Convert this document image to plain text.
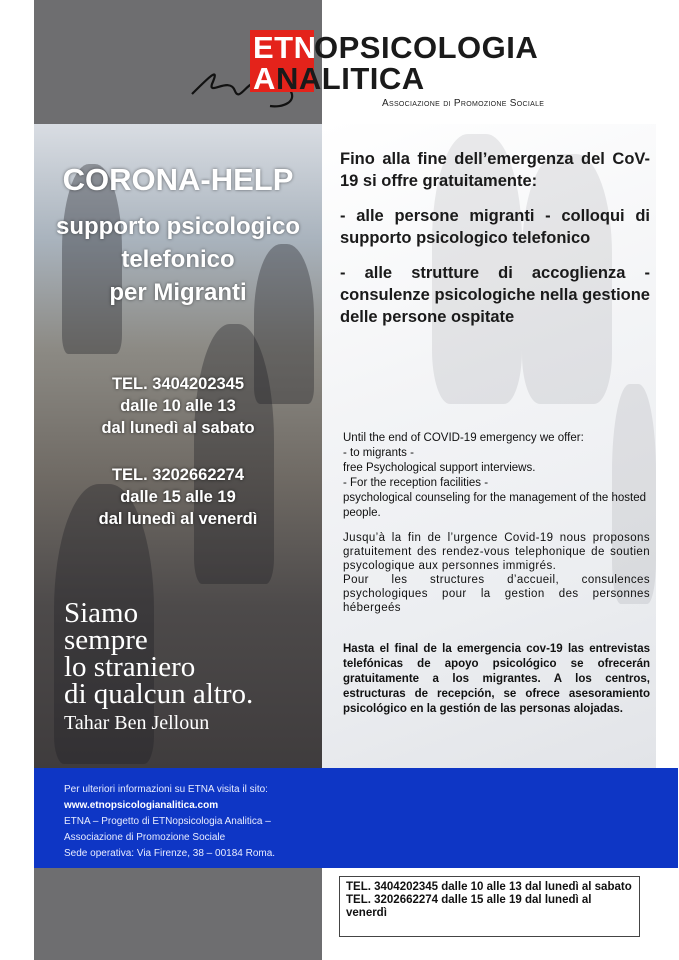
ETN
OPSICOLOGIA
A NALITICA
Associazione di Promozione Sociale
CORONA-HELP
supporto psicologico
telefonico
per Migranti
TEL. 3404202345
dalle 10 alle 13
dal lunedì al sabato
TEL. 3202662274
dalle 15 alle 19
dal lunedì al venerdì
Siamo
sempre
lo straniero
di qualcun altro.
Tahar Ben Jelloun

Fino alla fine dell’emergenza del CoV-19 si offre gratuitamente:

- alle persone migranti - colloqui di supporto psicologico telefonico

- alle strutture di accoglienza - consulenze psicologiche nella gestione delle persone ospitate

Until the end of COVID-19 emergency we offer:
- to migrants -
free Psychological support interviews.
- For the reception facilities -
psychological counseling for the management of the hosted people.
Jusqu’à la fin de l’urgence Covid-19 nous proposons gratuitement des rendez-vous telephonique de soutien psycologique aux personnes immigrés.
Pour les structures d’accueil, consulences psychologiques pour la gestion des personnes hébergeés
Hasta el final de la emergencia cov-19 las entrevistas telefónicas de apoyo psicológico se ofrecerán gratuitamente a los migrantes. A los centros, estructuras de recepción, se ofrece asesoramiento psicológico en la gestión de las personas alojadas.
Per ulteriori informazioni su ETNA visita il sito:
www.etnopsicologianalitica.com
ETNA – Progetto di ETNopsicologia Analitica –
Associazione di Promozione Sociale
Sede operativa: Via Firenze, 38 – 00184 Roma.
TEL. 3404202345 dalle 10 alle 13 dal lunedì al sabato
TEL. 3202662274 dalle 15 alle 19 dal lunedì al venerdì
